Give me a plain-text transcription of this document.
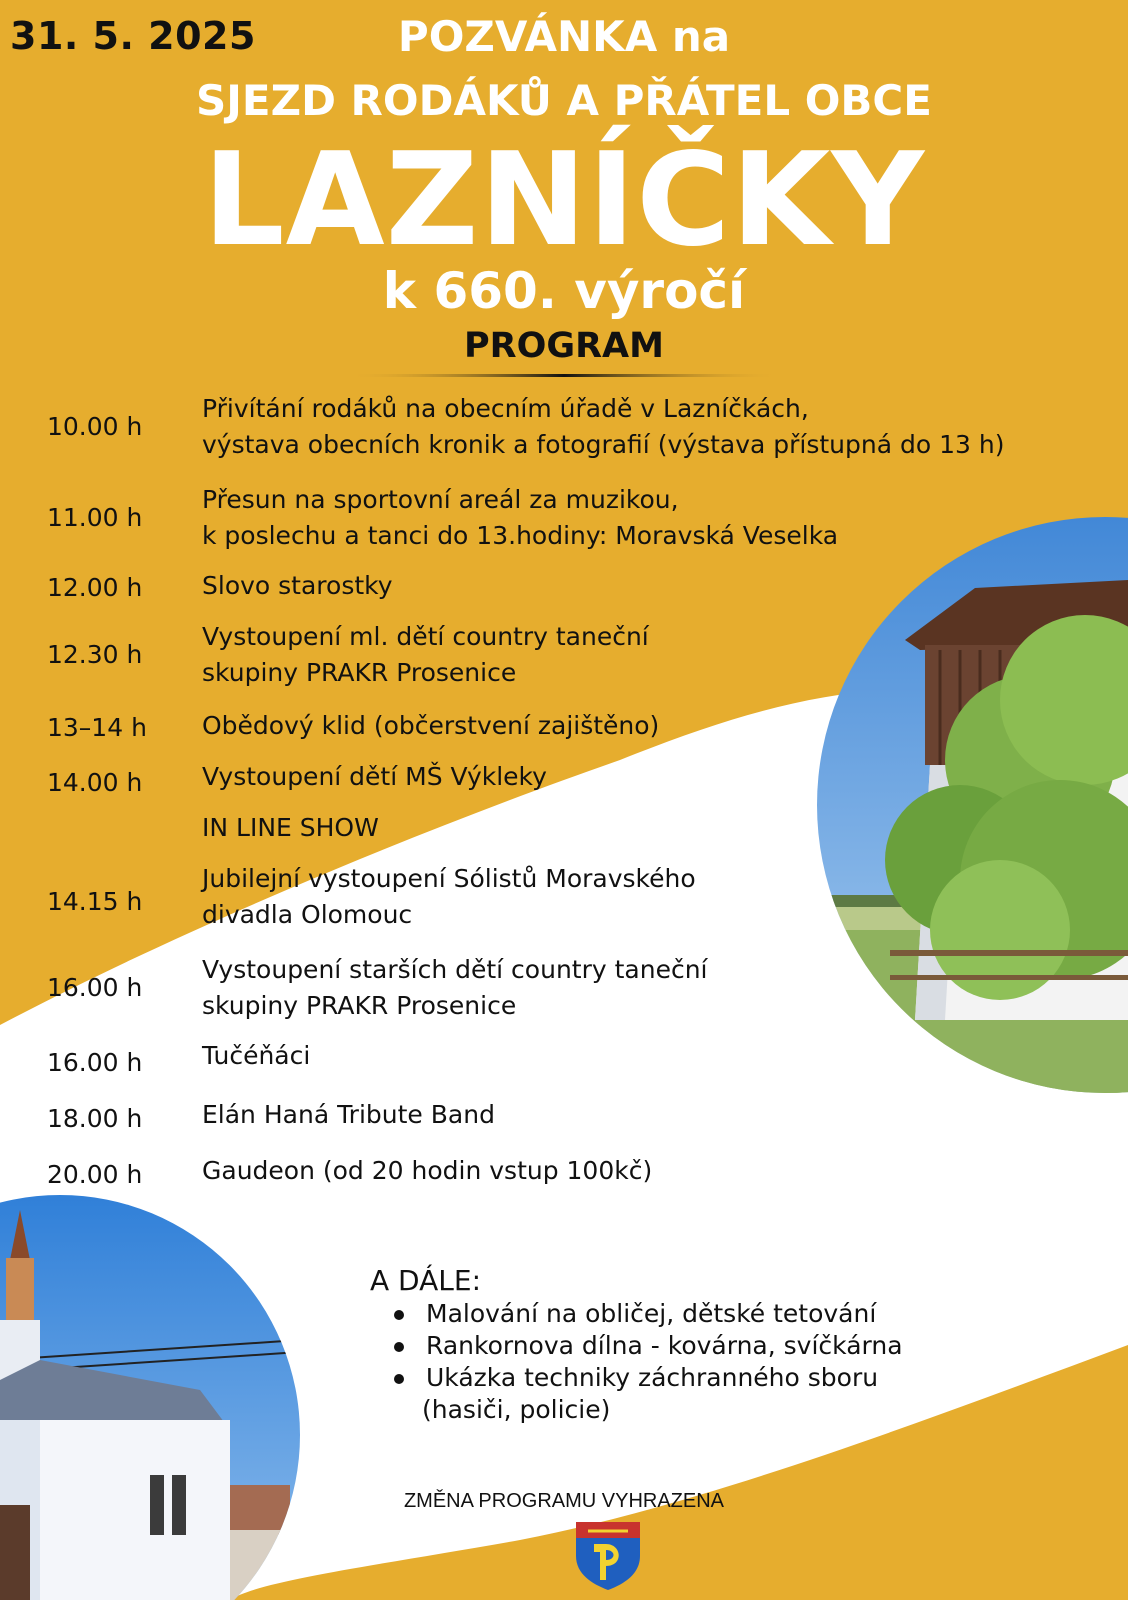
31. 5. 2025	POZVÁNKA na
SJEZD RODÁKŮ A PŘÁTEL OBCE
LAZNÍČKY
k 660. výročí
PROGRAM
10.00 h
Přivítání rodáků na obecním úřadě v Lazníčkách,
výstava obecních kronik a fotografií (výstava přístupná do 13 h)
11.00 h
Přesun na sportovní areál za muzikou,
k poslechu a tanci do 13.hodiny: Moravská Veselka
12.00 h Slovo starostky
12.30 h
Vystoupení ml. dětí country taneční
skupiny PRAKR Prosenice
13–14 h Obědový klid (občerstvení zajištěno)
14.00 h Vystoupení dětí MŠ Výkleky
IN LINE SHOW
14.15 h
Jubilejní vystoupení Sólistů Moravského
divadla Olomouc
16.00 h
Vystoupení starších dětí country taneční
skupiny PRAKR Prosenice
16.00 h Tučéňáci
18.00 h Elán Haná Tribute Band
20.00 h Gaudeon (od 20 hodin vstup 100kč)
A DÁLE:
Malování na obličej, dětské tetování
Rankornova dílna - kovárna, svíčkárna
Ukázka techniky záchranného sboru
(hasiči, policie)
ZMĚNA PROGRAMU VYHRAZENA
